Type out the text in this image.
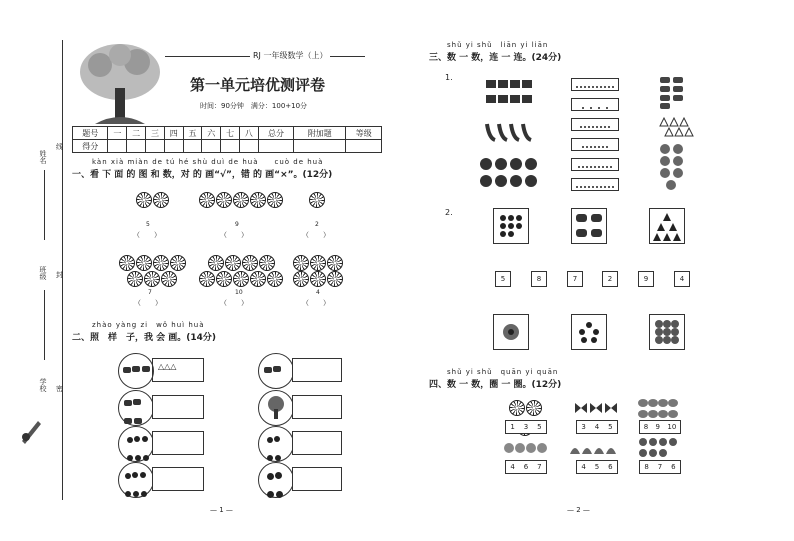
姓名
线
班级 封
学校 密
RJ 一年级数学（上）
第一单元培优测评卷
时间：90分钟　满分：100+10分
题号	一	二	三	四	五	六	七	八	总分	附加题	等级
得分											
kàn xià miàn de tú hé shù duì de huà　　cuò de huà
一、看 下 面 的 图 和 数，对 的 画“√”，错 的 画“×”。(12分)
5
（　　）
9
（　　）
2
（　　）
7
（　　）
10
（　　）
4
（　　）
zhào yàng zi　wǒ huì huà
二、照　样　子，我 会 画。(14分)
△△△

— 1 —
shǔ yi shǔ　liān yi liān
三、数 一 数，连 一 连。(24分)
1.
2.
5	8	7	2	9	4
shǔ yi shǔ　quān yi quān
四、数 一 数，圈 一 圈。(12分)
1 3 5	3 4 5	8 9 10
4 6 7	4 5 6	8 7 6
— 2 —
